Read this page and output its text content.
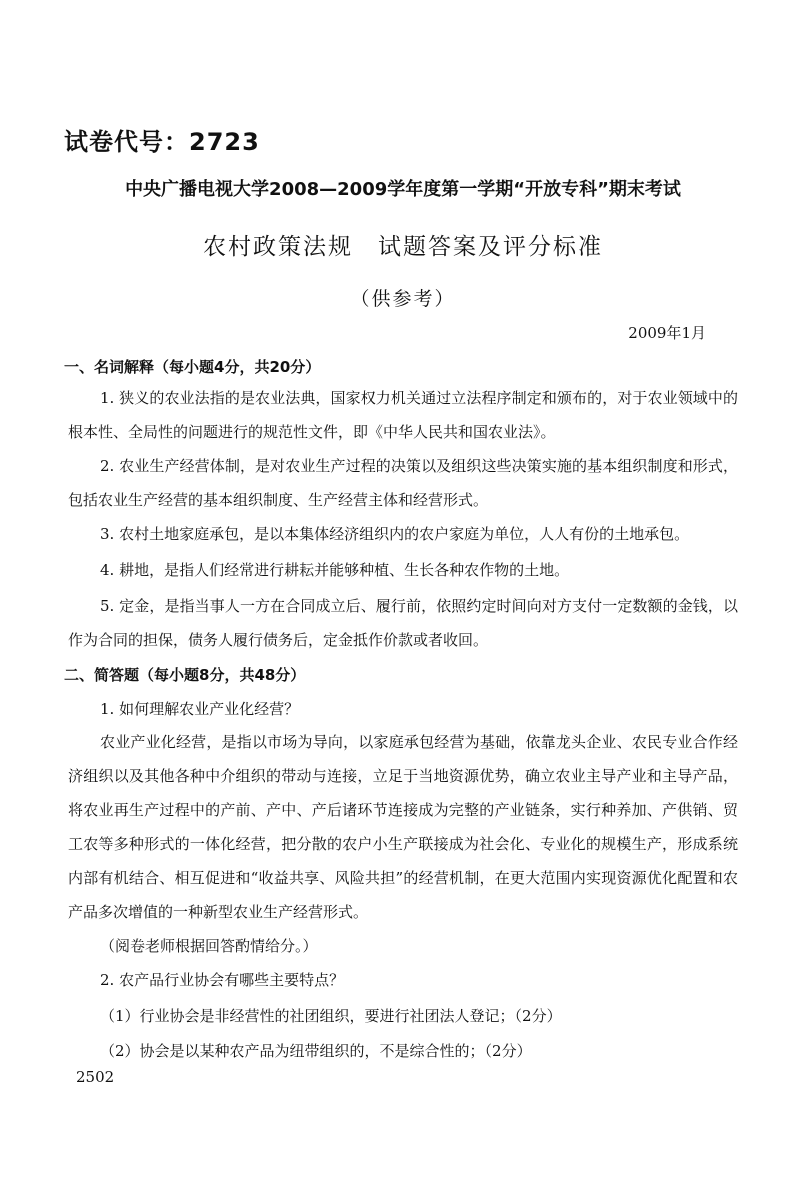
试卷代号：2723
中央广播电视大学2008—2009学年度第一学期“开放专科”期末考试
农村政策法规　试题答案及评分标准
（供参考）
2009年1月
一、名词解释（每小题4分，共20分）

1. 狭义的农业法指的是农业法典，国家权力机关通过立法程序制定和颁布的，对于农业领域中的根本性、全局性的问题进行的规范性文件，即《中华人民共和国农业法》。

2. 农业生产经营体制，是对农业生产过程的决策以及组织这些决策实施的基本组织制度和形式，包括农业生产经营的基本组织制度、生产经营主体和经营形式。

3. 农村土地家庭承包，是以本集体经济组织内的农户家庭为单位，人人有份的土地承包。

4. 耕地，是指人们经常进行耕耘并能够种植、生长各种农作物的土地。

5. 定金，是指当事人一方在合同成立后、履行前，依照约定时间向对方支付一定数额的金钱，以作为合同的担保，债务人履行债务后，定金抵作价款或者收回。

二、简答题（每小题8分，共48分）
1. 如何理解农业产业化经营？

农业产业化经营，是指以市场为导向，以家庭承包经营为基础，依靠龙头企业、农民专业合作经济组织以及其他各种中介组织的带动与连接，立足于当地资源优势，确立农业主导产业和主导产品，将农业再生产过程中的产前、产中、产后诸环节连接成为完整的产业链条，实行种养加、产供销、贸工农等多种形式的一体化经营，把分散的农户小生产联接成为社会化、专业化的规模生产，形成系统内部有机结合、相互促进和“收益共享、风险共担”的经营机制，在更大范围内实现资源优化配置和农产品多次增值的一种新型农业生产经营形式。

（阅卷老师根据回答酌情给分。）
2. 农产品行业协会有哪些主要特点？
（1）行业协会是非经营性的社团组织，要进行社团法人登记；（2分）
（2）协会是以某种农产品为纽带组织的，不是综合性的；（2分）
2502
